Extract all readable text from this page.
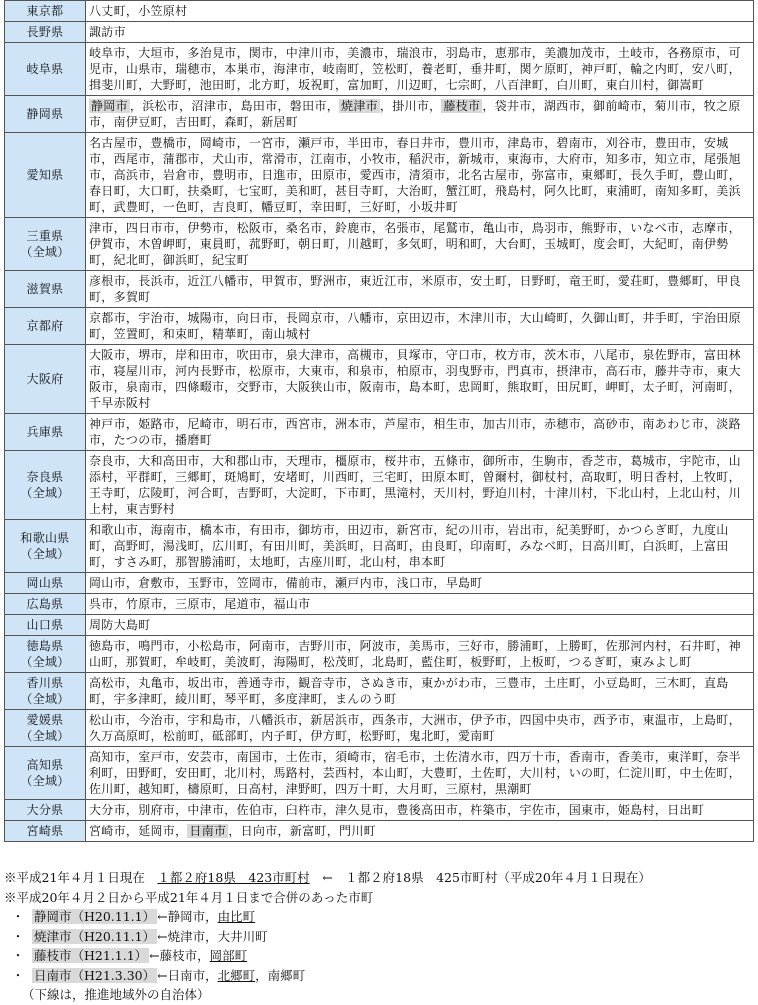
東京都	八丈町，小笠原村

長野県	諏訪市

岐阜県	岐阜市，大垣市，多治見市，関市，中津川市，美濃市，瑞浪市，羽島市，恵那市，美濃加茂市，土岐市，各務原市，可児市，山県市，瑞穂市，本巣市，海津市，岐南町，笠松町，養老町，垂井町，関ケ原町，神戸町，輪之内町，安八町，揖斐川町，大野町，池田町，北方町，坂祝町，富加町，川辺町，七宗町，八百津町，白川町，東白川村，御嵩町

静岡県	静岡市 ，浜松市，沼津市，島田市，磐田市， 焼津市 ，掛川市， 藤枝市 ，袋井市，湖西市，御前崎市，菊川市，牧之原市，南伊豆町，吉田町，森町，新居町

愛知県	名古屋市，豊橋市，岡崎市，一宮市，瀬戸市，半田市，春日井市，豊川市，津島市，碧南市，刈谷市，豊田市，安城市，西尾市，蒲郡市，犬山市，常滑市，江南市，小牧市，稲沢市，新城市，東海市，大府市，知多市，知立市，尾張旭市，高浜市，岩倉市，豊明市，日進市，田原市，愛西市，清須市，北名古屋市，弥富市，東郷町，長久手町，豊山町，春日町，大口町，扶桑町，七宝町，美和町，甚目寺町，大治町，蟹江町，飛島村，阿久比町，東浦町，南知多町，美浜町，武豊町，一色町，吉良町，幡豆町，幸田町，三好町，小坂井町

三重県
（全域）	津市，四日市市，伊勢市，松阪市，桑名市，鈴鹿市，名張市，尾鷲市，亀山市，鳥羽市，熊野市，いなべ市，志摩市，伊賀市，木曽岬町，東員町，菰野町，朝日町，川越町，多気町，明和町，大台町，玉城町，度会町，大紀町，南伊勢町，紀北町，御浜町，紀宝町

滋賀県	彦根市，長浜市，近江八幡市，甲賀市，野洲市，東近江市，米原市，安土町，日野町，竜王町，愛荘町，豊郷町，甲良町，多賀町

京都府	京都市，宇治市，城陽市，向日市，長岡京市，八幡市，京田辺市，木津川市，大山崎町，久御山町，井手町，宇治田原町，笠置町，和束町，精華町，南山城村

大阪府	大阪市，堺市，岸和田市，吹田市，泉大津市，高槻市，貝塚市，守口市，枚方市，茨木市，八尾市，泉佐野市，富田林市，寝屋川市，河内長野市，松原市，大東市，和泉市，柏原市，羽曳野市，門真市，摂津市，高石市，藤井寺市，東大阪市，泉南市，四條畷市，交野市，大阪狭山市，阪南市，島本町，忠岡町，熊取町，田尻町，岬町，太子町，河南町，千早赤阪村

兵庫県	神戸市，姫路市，尼崎市，明石市，西宮市，洲本市，芦屋市，相生市，加古川市，赤穂市，高砂市，南あわじ市，淡路市，たつの市，播磨町

奈良県
（全域）	奈良市，大和高田市，大和郡山市，天理市，橿原市，桜井市，五條市，御所市，生駒市，香芝市，葛城市，宇陀市，山添村，平群町，三郷町，斑鳩町，安堵町，川西町，三宅町，田原本町，曽爾村，御杖村，高取町，明日香村，上牧町，王寺町，広陵町，河合町，吉野町，大淀町，下市町，黒滝村，天川村，野迫川村，十津川村，下北山村，上北山村，川上村，東吉野村

和歌山県
（全域）	和歌山市，海南市，橋本市，有田市，御坊市，田辺市，新宮市，紀の川市，岩出市，紀美野町，かつらぎ町，九度山町，高野町，湯浅町，広川町，有田川町，美浜町，日高町，由良町，印南町，みなべ町，日高川町，白浜町，上富田町，すさみ町，那智勝浦町，太地町，古座川町，北山村，串本町

岡山県	岡山市，倉敷市，玉野市，笠岡市，備前市，瀬戸内市，浅口市，早島町

広島県	呉市，竹原市，三原市，尾道市，福山市

山口県	周防大島町

徳島県
（全域）	徳島市，鳴門市，小松島市，阿南市，吉野川市，阿波市，美馬市，三好市，勝浦町，上勝町，佐那河内村，石井町，神山町，那賀町，牟岐町，美波町，海陽町，松茂町，北島町，藍住町，板野町，上板町，つるぎ町，東みよし町

香川県
（全域）	高松市，丸亀市，坂出市，善通寺市，観音寺市，さぬき市，東かがわ市，三豊市，土庄町，小豆島町，三木町，直島町，宇多津町，綾川町，琴平町，多度津町，まんのう町

愛媛県
（全域）	松山市，今治市，宇和島市，八幡浜市，新居浜市，西条市，大洲市，伊予市，四国中央市，西予市，東温市，上島町，久万高原町，松前町，砥部町，内子町，伊方町，松野町，鬼北町，愛南町

高知県
（全域）	高知市，室戸市，安芸市，南国市，土佐市，須崎市，宿毛市，土佐清水市，四万十市，香南市，香美市，東洋町，奈半利町，田野町，安田町，北川村，馬路村，芸西村，本山町，大豊町，土佐町，大川村，いの町，仁淀川町，中土佐町，佐川町，越知町，檮原町，日高村，津野町，四万十町，大月町，三原村，黒潮町

大分県	大分市，別府市，中津市，佐伯市，臼杵市，津久見市，豊後高田市，杵築市，宇佐市，国東市，姫島村，日出町

宮崎県	宮崎市，延岡市， 日南市 ，日向市，新富町，門川町
※平成21年４月１日現在　１都２府18県　423市町村　←　１都２府18県　425市町村（平成20年４月１日現在）
※平成20年４月２日から平成21年４月１日まで合併のあった市町
・ 静岡市（H20.11.1） ←静岡市，由比町
・ 焼津市（H20.11.1） ←焼津市，大井川町
・ 藤枝市（H21.1.1） ←藤枝市，岡部町
・ 日南市（H21.3.30） ←日南市，北郷町，南郷町
（下線は，推進地域外の自治体）
